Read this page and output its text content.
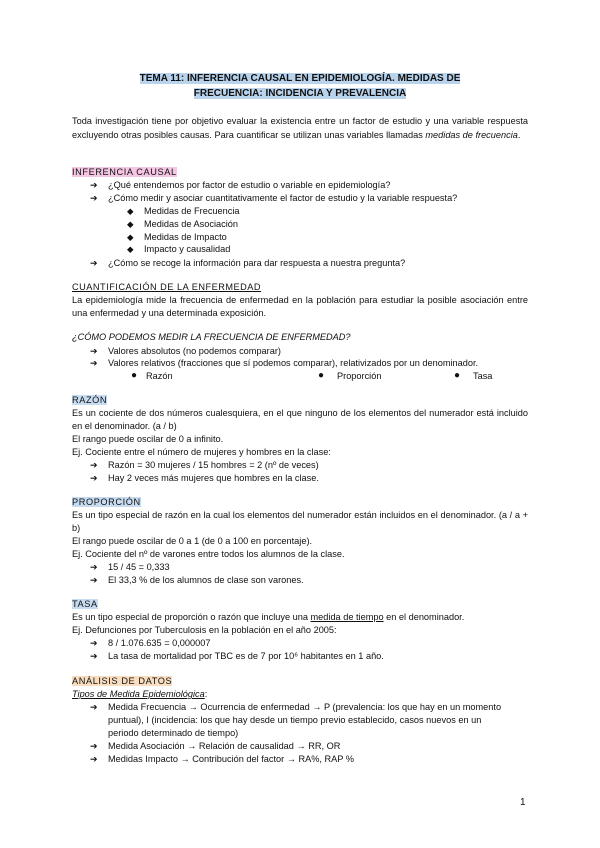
TEMA 11: INFERENCIA CAUSAL EN EPIDEMIOLOGÍA. MEDIDAS DE
FRECUENCIA: INCIDENCIA Y PREVALENCIA
Toda investigación tiene por objetivo evaluar la existencia entre un factor de estudio y una variable respuesta excluyendo otras posibles causas. Para cuantificar se utilizan unas variables llamadas medidas de frecuencia.
INFERENCIA CAUSAL
➔ ¿Qué entendemos por factor de estudio o variable en epidemiología?
➔ ¿Cómo medir y asociar cuantitativamente el factor de estudio y la variable respuesta?
◆ Medidas de Frecuencia
◆ Medidas de Asociación
◆ Medidas de Impacto
◆ Impacto y causalidad
➔ ¿Cómo se recoge la información para dar respuesta a nuestra pregunta?
CUANTIFICACIÓN DE LA ENFERMEDAD
La epidemiología mide la frecuencia de enfermedad en la población para estudiar la posible asociación entre una enfermedad y una determinada exposición.
¿CÓMO PODEMOS MEDIR LA FRECUENCIA DE ENFERMEDAD?
➔ Valores absolutos (no podemos comparar)
➔ Valores relativos (fracciones que sí podemos comparar), relativizados por un denominador.
● Razón	● Proporción	● Tasa
RAZÓN
Es un cociente de dos números cualesquiera, en el que ninguno de los elementos del numerador está incluido en el denominador. (a / b)
El rango puede oscilar de 0 a infinito.
Ej. Cociente entre el número de mujeres y hombres en la clase:
➔ Razón = 30 mujeres / 15 hombres = 2 (nº de veces)
➔ Hay 2 veces más mujeres que hombres en la clase.
PROPORCIÓN
Es un tipo especial de razón en la cual los elementos del numerador están incluidos en el denominador. (a / a + b)
El rango puede oscilar de 0 a 1 (de 0 a 100 en porcentaje).
Ej. Cociente del nº de varones entre todos los alumnos de la clase.
➔ 15 / 45 = 0,333
➔ El 33,3 % de los alumnos de clase son varones.
TASA
Es un tipo especial de proporción o razón que incluye una medida de tiempo en el denominador.
Ej. Defunciones por Tuberculosis en la población en el año 2005:
➔ 8 / 1.076.635 = 0,000007
➔ La tasa de mortalidad por TBC es de 7 por 10⁶ habitantes en 1 año.
ANÁLISIS DE DATOS
Tipos de Medida Epidemiológica:
➔ Medida Frecuencia → Ocurrencia de enfermedad → P (prevalencia: los que hay en un momento
puntual), I (incidencia: los que hay desde un tiempo previo establecido, casos nuevos en un
periodo determinado de tiempo)
➔ Medida Asociación → Relación de causalidad → RR, OR
➔ Medidas Impacto → Contribución del factor → RA%, RAP %
1
